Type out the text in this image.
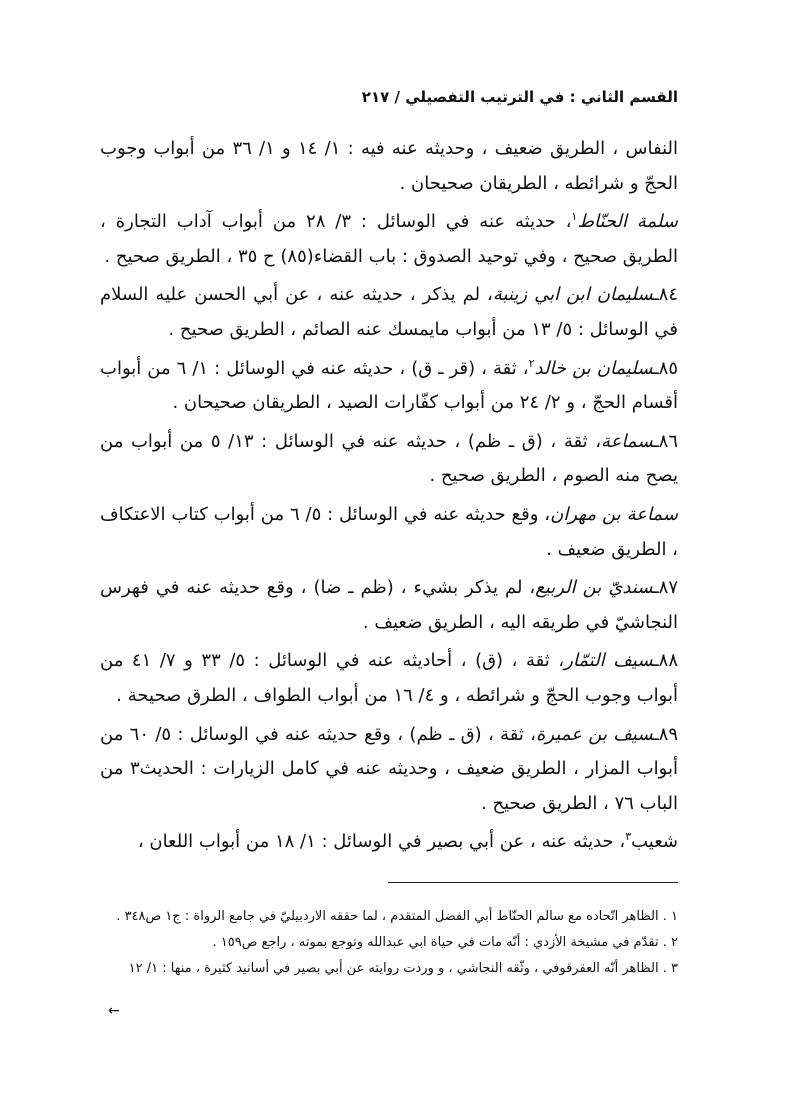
القسم الثاني : في الترتيب التفصيلي / ٢١٧

النفاس ، الطريق ضعيف ، وحديثه عنه فيه : ١/ ١٤ و ١/ ٣٦ من أبواب وجوب الحجّ و شرائطه ، الطريقان صحيحان .

سلمة الحنّاط$^١$، حديثه عنه في الوسائل : ٣/ ٢٨ من أبواب آداب التجارة ، الطريق صحيح ، وفي توحيد الصدوق : باب القضاء(٨٥) ح ٣٥ ، الطريق صحيح .

٨٤ـسليمان ابن ابي زينبة، لم يذكر ، حديثه عنه ، عن أبي الحسن عليه السلام في الوسائل : ٥/ ١٣ من أبواب مايمسك عنه الصائم ، الطريق صحيح .

٨٥ـسليمان بن خالد$^٢$، ثقة ، (قر ـ ق) ، حديثه عنه في الوسائل : ١/ ٦ من أبواب أقسام الحجّ ، و ٢/ ٢٤ من أبواب كفّارات الصيد ، الطريقان صحيحان .

٨٦ـسماعة، ثقة ، (ق ـ ظم) ، حديثه عنه في الوسائل : ١٣/ ٥ من أبواب من يصح منه الصوم ، الطريق صحيح .

سماعة بن مهران، وقع حديثه عنه في الوسائل : ٥/ ٦ من أبواب كتاب الاعتكاف ، الطريق ضعيف .

٨٧ـسنديّ بن الربيع، لم يذكر بشيء ، (ظم ـ ضا) ، وقع حديثه عنه في فهرس النجاشيّ في طريقه اليه ، الطريق ضعيف .

٨٨ـسيف التمّار، ثقة ، (ق) ، أحاديثه عنه في الوسائل : ٥/ ٣٣ و ٧/ ٤١ من أبواب وجوب الحجّ و شرائطه ، و ٤/ ١٦ من أبواب الطواف ، الطرق صحيحة .

٨٩ـسيف بن عميرة، ثقة ، (ق ـ ظم) ، وقع حديثه عنه في الوسائل : ٥/ ٦٠ من أبواب المزار ، الطريق ضعيف ، وحديثه عنه في كامل الزيارات : الحديث٣ من الباب ٧٦ ، الطريق صحيح .

شعيب$^٣$، حديثه عنه ، عن أبي بصير في الوسائل : ١/ ١٨ من أبواب اللعان ،

١ . الظاهر اتّحاده مع سالم الحنّاط أبي الفضل المتقدم ، لما حققه الاردبيليّ في جامع الرواة : ج١ ص٣٤٨ .

٢ . تقدّم في مشيخة الأزدي : أنّه مات في حياة ابي عبدالله وتوجع بموته ، راجع ص١٥٩ .

٣ . الظاهر أنّه العقرقوفي ، وثّقه النجاشي ، و وردت روايته عن أبي بصير في أسانيد كثيرة ، منها : ١/ ١٢

←
